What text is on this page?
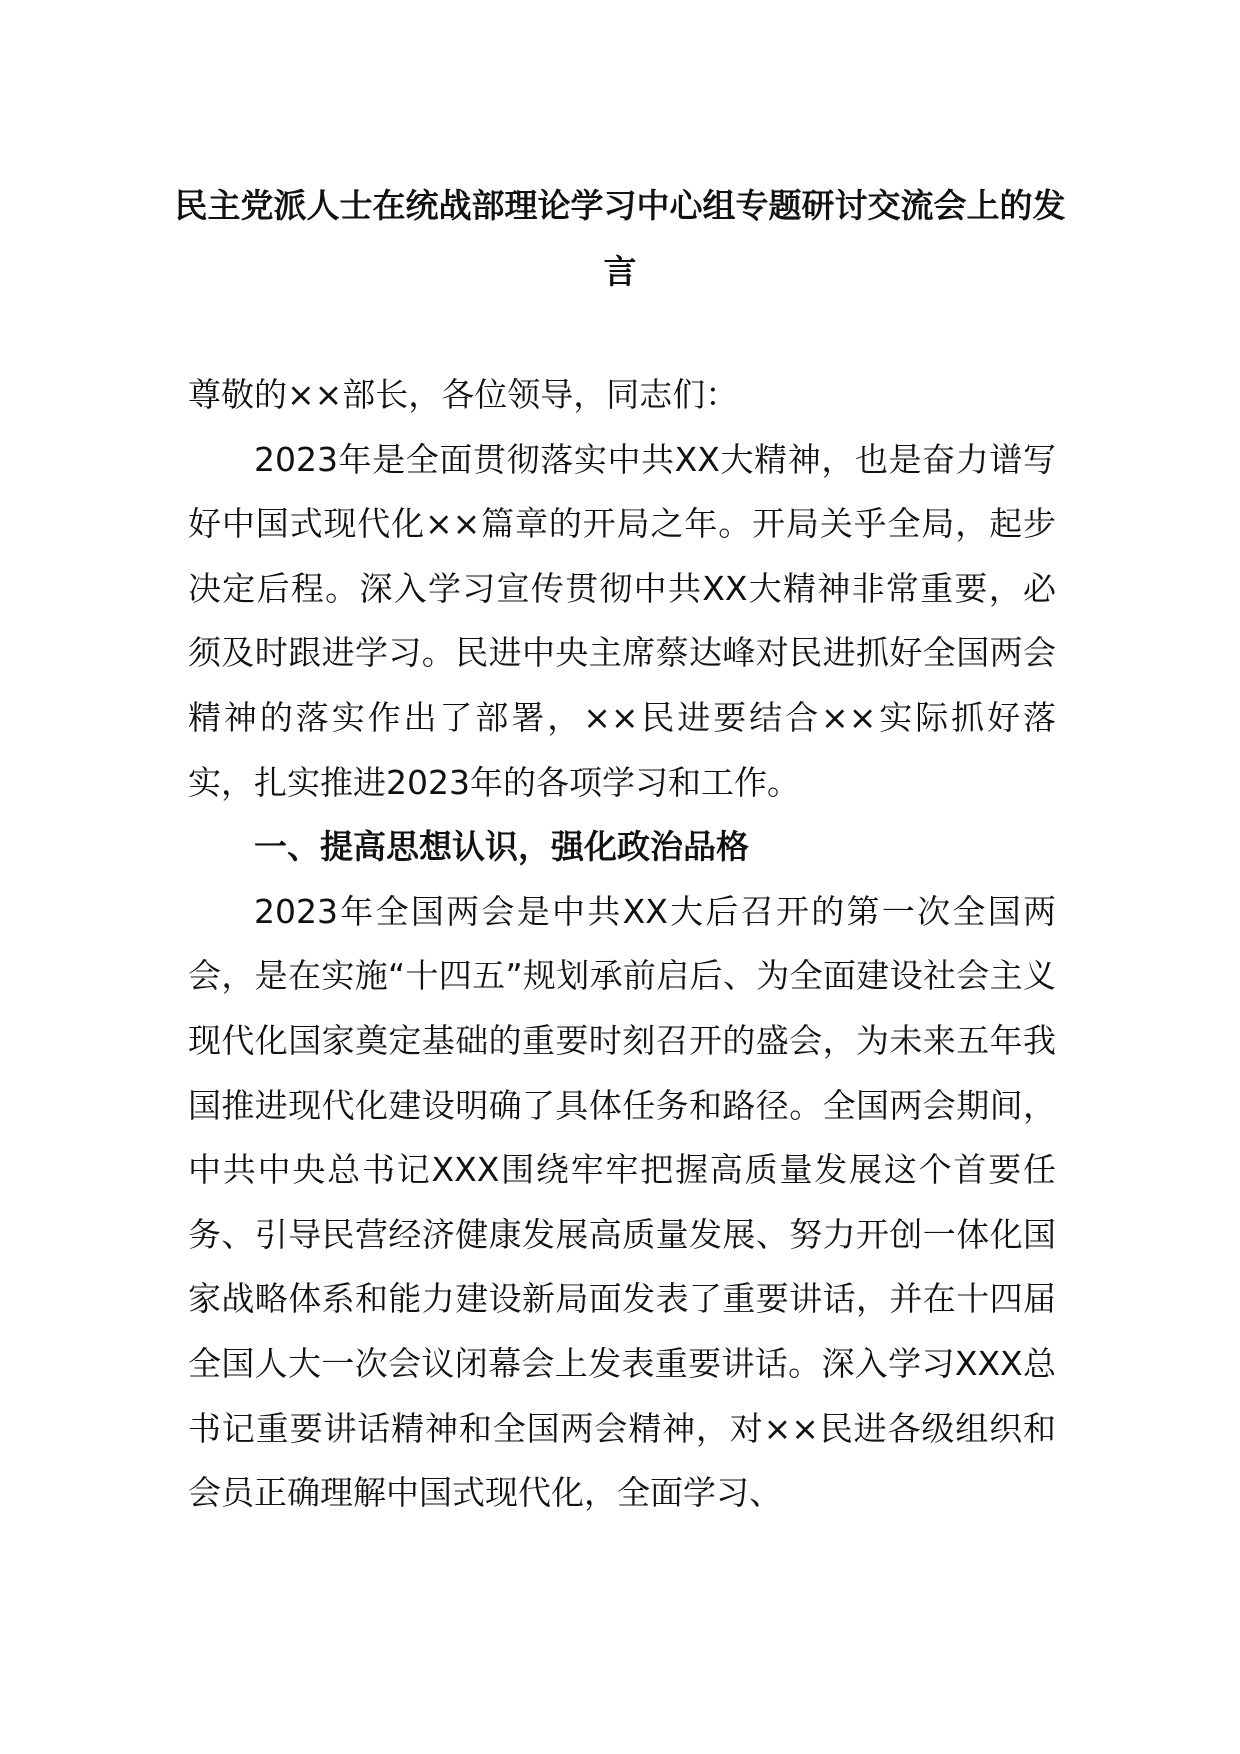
民主党派人士在统战部理论学习中心组专题研讨交流会上的发言

尊敬的××部长，各位领导，同志们：

2023年是全面贯彻落实中共XX大精神，也是奋力谱写好中国式现代化××篇章的开局之年。开局关乎全局，起步决定后程。深入学习宣传贯彻中共XX大精神非常重要，必须及时跟进学习。民进中央主席蔡达峰对民进抓好全国两会精神的落实作出了部署，××民进要结合××实际抓好落实，扎实推进2023年的各项学习和工作。

一、提高思想认识，强化政治品格

2023年全国两会是中共XX大后召开的第一次全国两会，是在实施“十四五”规划承前启后、为全面建设社会主义现代化国家奠定基础的重要时刻召开的盛会，为未来五年我国推进现代化建设明确了具体任务和路径。全国两会期间，中共中央总书记XXX围绕牢牢把握高质量发展这个首要任务、引导民营经济健康发展高质量发展、努力开创一体化国家战略体系和能力建设新局面发表了重要讲话，并在十四届全国人大一次会议闭幕会上发表重要讲话。深入学习XXX总书记重要讲话精神和全国两会精神，对××民进各级组织和会员正确理解中国式现代化，全面学习、
